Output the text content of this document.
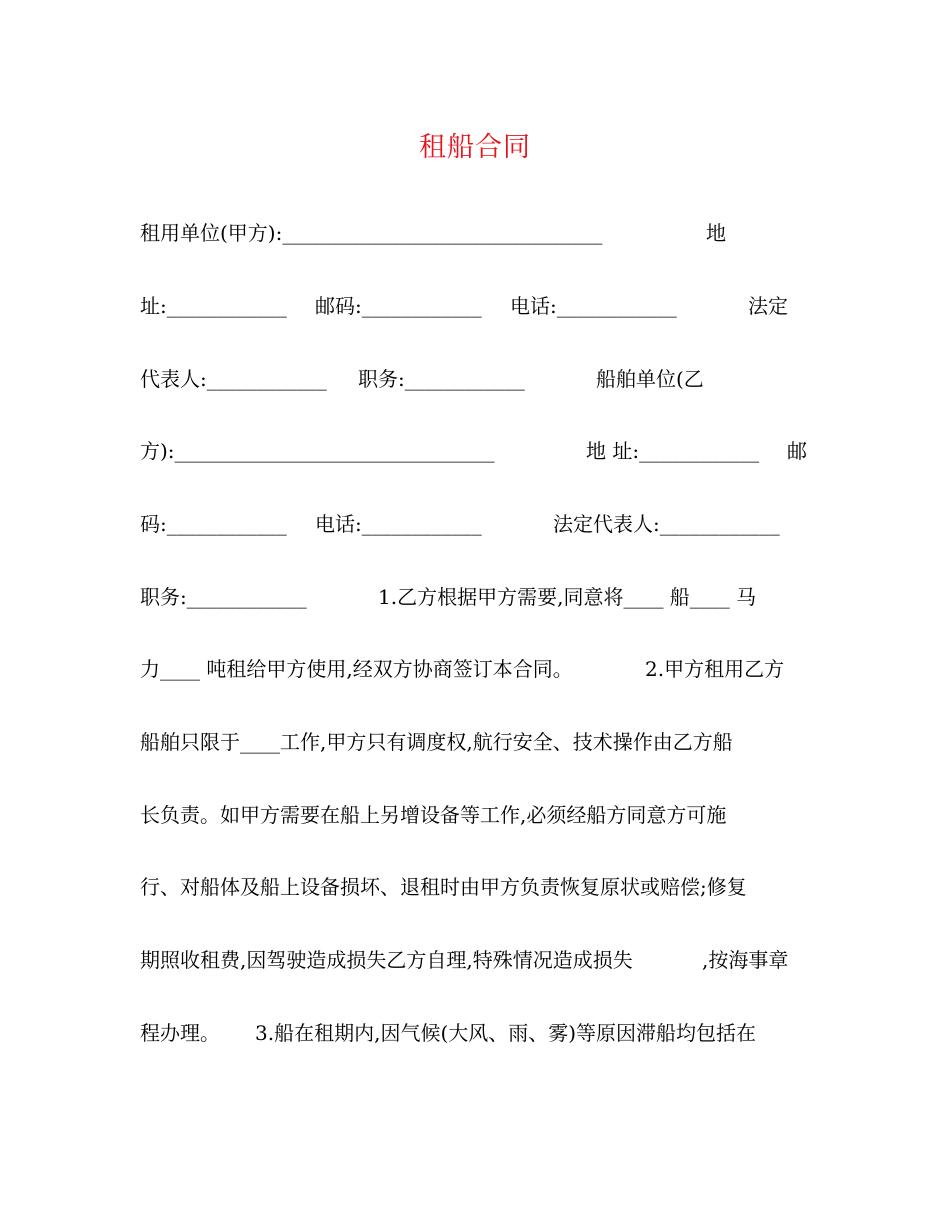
租船合同

租用单位(甲方):________________________________

	地

址:____________

邮码:____________

电话:____________

	法定

代表人:____________

职务:____________

	船舶单位(乙

方):________________________________

	地 址:____________

邮

码:____________

电话:____________

	法定代表人:____________

职务:____________

	1.乙方根据甲方需要,同意将____ 船____ 马

力____ 吨租给甲方使用,经双方协商签订本合同。

	2.甲方租用乙方

船舶只限于____工作,甲方只有调度权,航行安全、技术操作由乙方船

长负责。如甲方需要在船上另增设备等工作,必须经船方同意方可施

行、对船体及船上设备损坏、退租时由甲方负责恢复原状或赔偿;修复

期照收租费,因驾驶造成损失乙方自理,特殊情况造成损失

	,按海事章

程办理。

3.船在租期内,因气候(大风、雨、雾)等原因滞船均包括在
